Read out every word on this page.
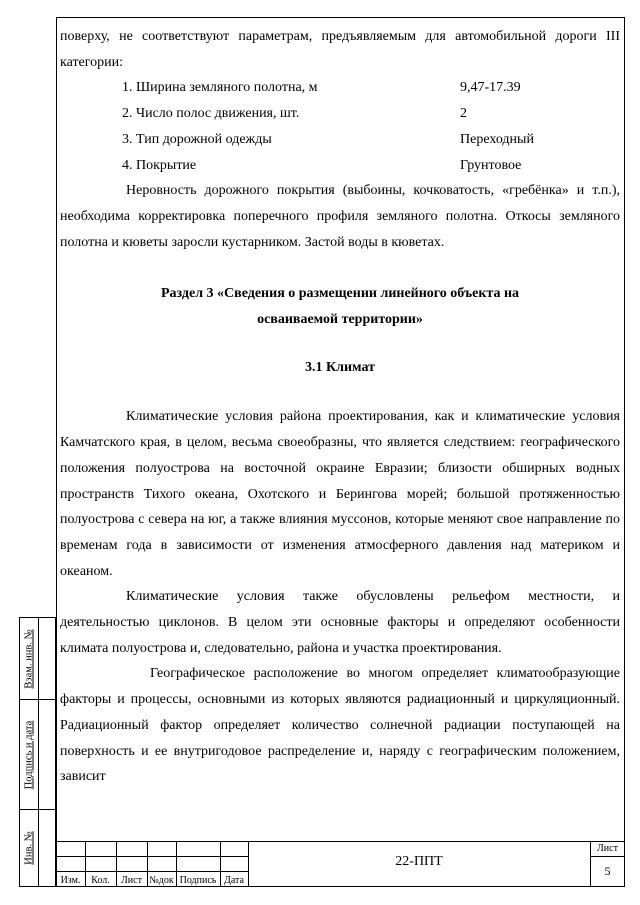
поверху, не соответствуют параметрам, предъявляемым для автомобильной дороги III категории:

1. Ширина земляного полотна, м	9,47-17.39
2. Число полос движения, шт.	2
3. Тип дорожной одежды	Переходный
4. Покрытие	Грунтовое

Неровность дорожного покрытия (выбоины, кочковатость, «гребёнка» и т.п.), необходима корректировка поперечного профиля земляного полотна. Откосы земляного полотна и кюветы заросли кустарником. Застой воды в кюветах.

Раздел 3 «Сведения о размещении линейного объекта на
осваиваемой территории»
3.1 Климат

Климатические условия района проектирования, как и климатические условия Камчатского края, в целом, весьма своеобразны, что является следствием: географического положения полуострова на восточной окраине Евразии; близости обширных водных пространств Тихого океана, Охотского и Берингова морей; большой протяженностью полуострова с севера на юг, а также влияния муссонов, которые меняют свое направление по временам года в зависимости от изменения атмосферного давления над материком и океаном.

Климатические условия также обусловлены рельефом местности, и деятельностью циклонов. В целом эти основные факторы и определяют особенности климата полуострова и, следовательно, района и участка проектирования.

Географическое расположение во многом определяет климатообразующие факторы и процессы, основными из которых являются радиационный и циркуляционный. Радиационный фактор определяет количество солнечной радиации поступающей на поверхность и ее внутригодовое распределение и, наряду с географическим положением, зависит

Взам. инв. №
Подпись и дата
Инв. №
Изм.	Кол.	Лист №док Подпись Дата
22-ППТ
Лист
5
